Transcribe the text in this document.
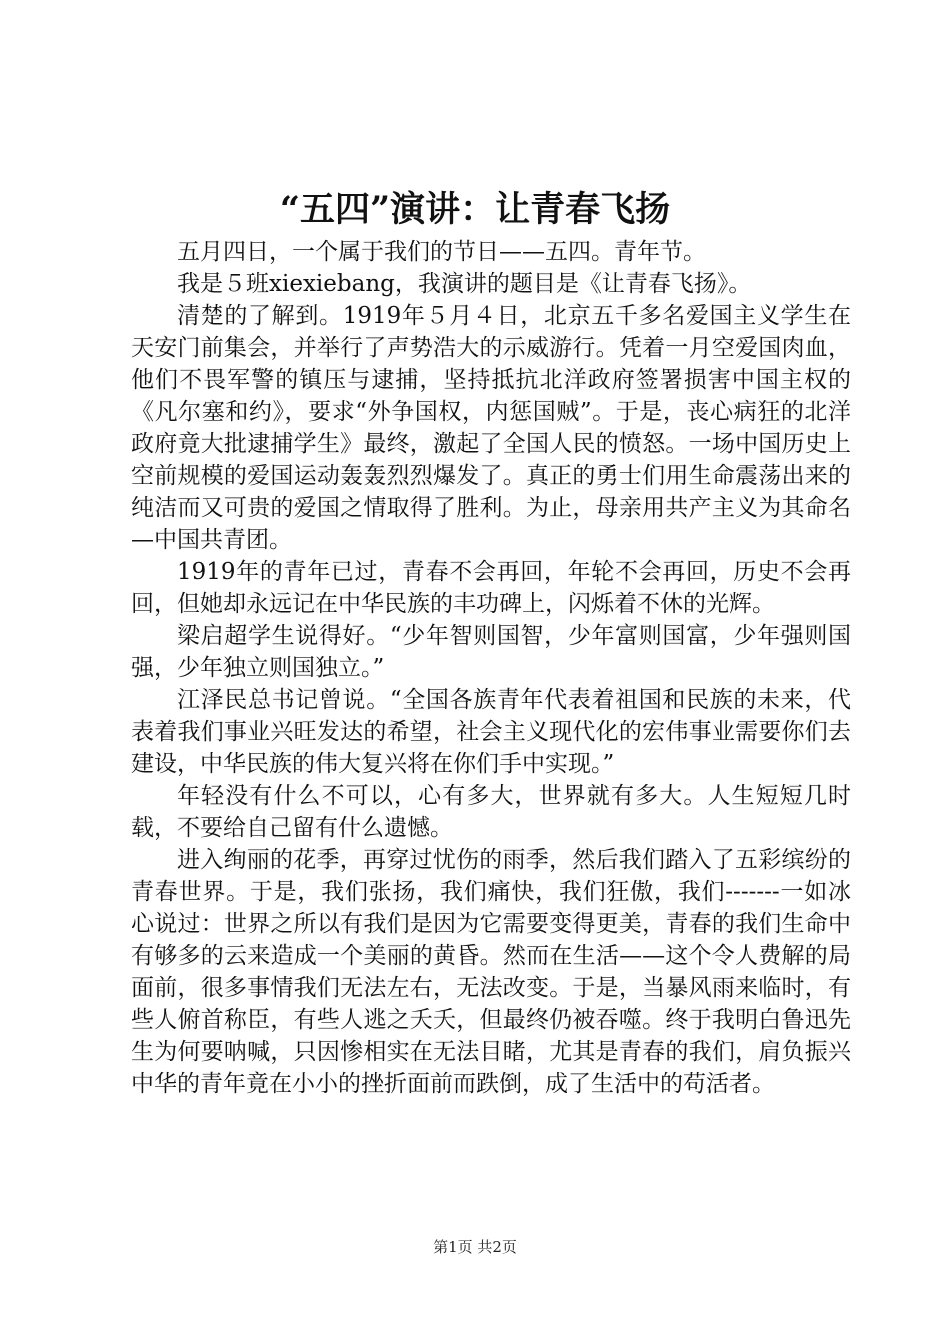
“五四”演讲：让青春飞扬

五月四日，一个属于我们的节日——五四。青年节。

我是５班xiexiebang，我演讲的题目是《让青春飞扬》。

清楚的了解到。1919年５月４日，北京五千多名爱国主义学生在天安门前集会，并举行了声势浩大的示威游行。凭着一月空爱国肉血，他们不畏军警的镇压与逮捕，坚持抵抗北洋政府签署损害中国主权的《凡尔塞和约》，要求“外争国权，内惩国贼”。于是，丧心病狂的北洋政府竟大批逮捕学生》最终，激起了全国人民的愤怒。一场中国历史上空前规模的爱国运动轰轰烈烈爆发了。真正的勇士们用生命震荡出来的纯洁而又可贵的爱国之情取得了胜利。为止，母亲用共产主义为其命名—中国共青团。

1919年的青年已过，青春不会再回，年轮不会再回，历史不会再回，但她却永远记在中华民族的丰功碑上，闪烁着不休的光辉。

梁启超学生说得好。“少年智则国智，少年富则国富，少年强则国强，少年独立则国独立。”

江泽民总书记曾说。“全国各族青年代表着祖国和民族的未来，代表着我们事业兴旺发达的希望，社会主义现代化的宏伟事业需要你们去建设，中华民族的伟大复兴将在你们手中实现。”

年轻没有什么不可以，心有多大，世界就有多大。人生短短几时载，不要给自己留有什么遗憾。

进入绚丽的花季，再穿过忧伤的雨季，然后我们踏入了五彩缤纷的青春世界。于是，我们张扬，我们痛快，我们狂傲，我们-------一如冰心说过：世界之所以有我们是因为它需要变得更美，青春的我们生命中有够多的云来造成一个美丽的黄昏。然而在生活——这个令人费解的局面前，很多事情我们无法左右，无法改变。于是，当暴风雨来临时，有些人俯首称臣，有些人逃之夭夭，但最终仍被吞噬。终于我明白鲁迅先生为何要呐喊，只因惨相实在无法目睹，尤其是青春的我们，肩负振兴中华的青年竟在小小的挫折面前而跌倒，成了生活中的苟活者。

第1页 共2页
